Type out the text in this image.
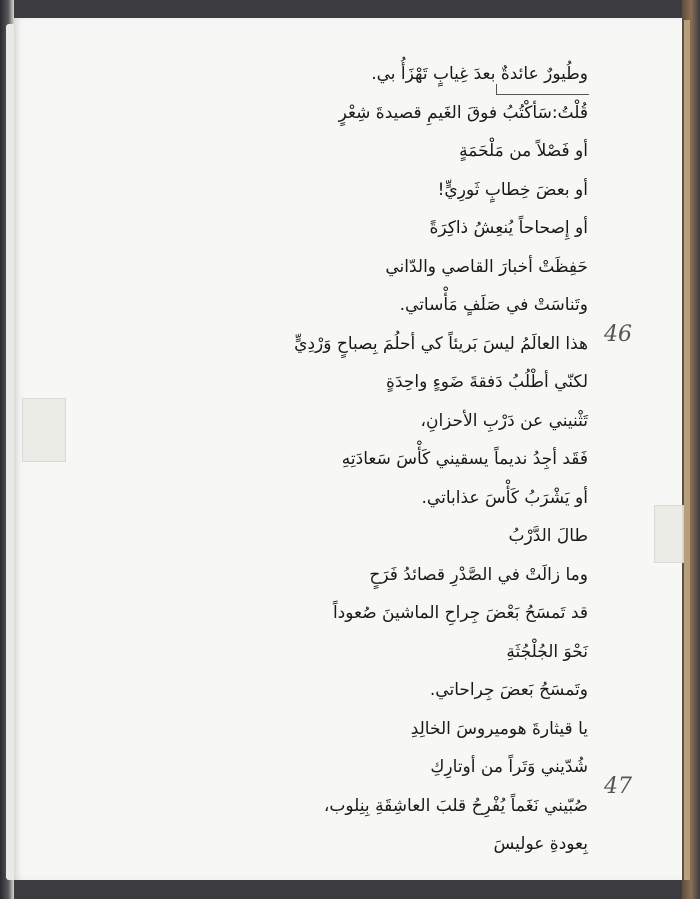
46
47
وطُيورٌ عائدةٌ بعدَ غِيابٍ تَهْزَأُ بي.
قُلْتُ:سَأكْتُبُ فوقَ الغَيمِ قصيدةَ شِعْرٍ
أو فَصْلاً من مَلْحَمَةٍ
أو بعضَ خِطابٍ ثَورِيٍّ!
أو إِصحاحاً يُنعِشُ ذاكِرَةً
حَفِظَتْ أخبارَ القاصي والدّاني
وتَناسَتْ في صَلَفٍ مَأْساتي.
هذا العالَمُ ليسَ بَريئاً كي أحلُمَ بِصباحٍ وَرْدِيٍّ
لكنّي أطْلُبُ دَفقةَ ضَوءٍ واحِدَةٍ
تَثْنيني عن دَرْبِ الأحزانِ،
فَقَد أجِدُ نديماً يسقيني كَأْسَ سَعادَتِهِ
أو يَشْرَبُ كَأْسَ عذاباتي.
طالَ الدَّرْبُ
وما زالَتْ في الصَّدْرِ قصائدُ فَرَحٍ
قد تَمسَحُ بَعْضَ جِراحِ الماشينَ صُعوداً
نَحْوَ الجُلْجُثَةِ
وتَمسَحُ بَعضَ جِراحاتي.
يا قيثارةَ هوميروسَ الخالِدِ
شُدّيني وَتَراً من أوتارِكِ
صُبّيني نَغَماً يُفْرِحُ قلبَ العاشِقَةِ بِنِلوب،
بِعودةِ عوليسَ
